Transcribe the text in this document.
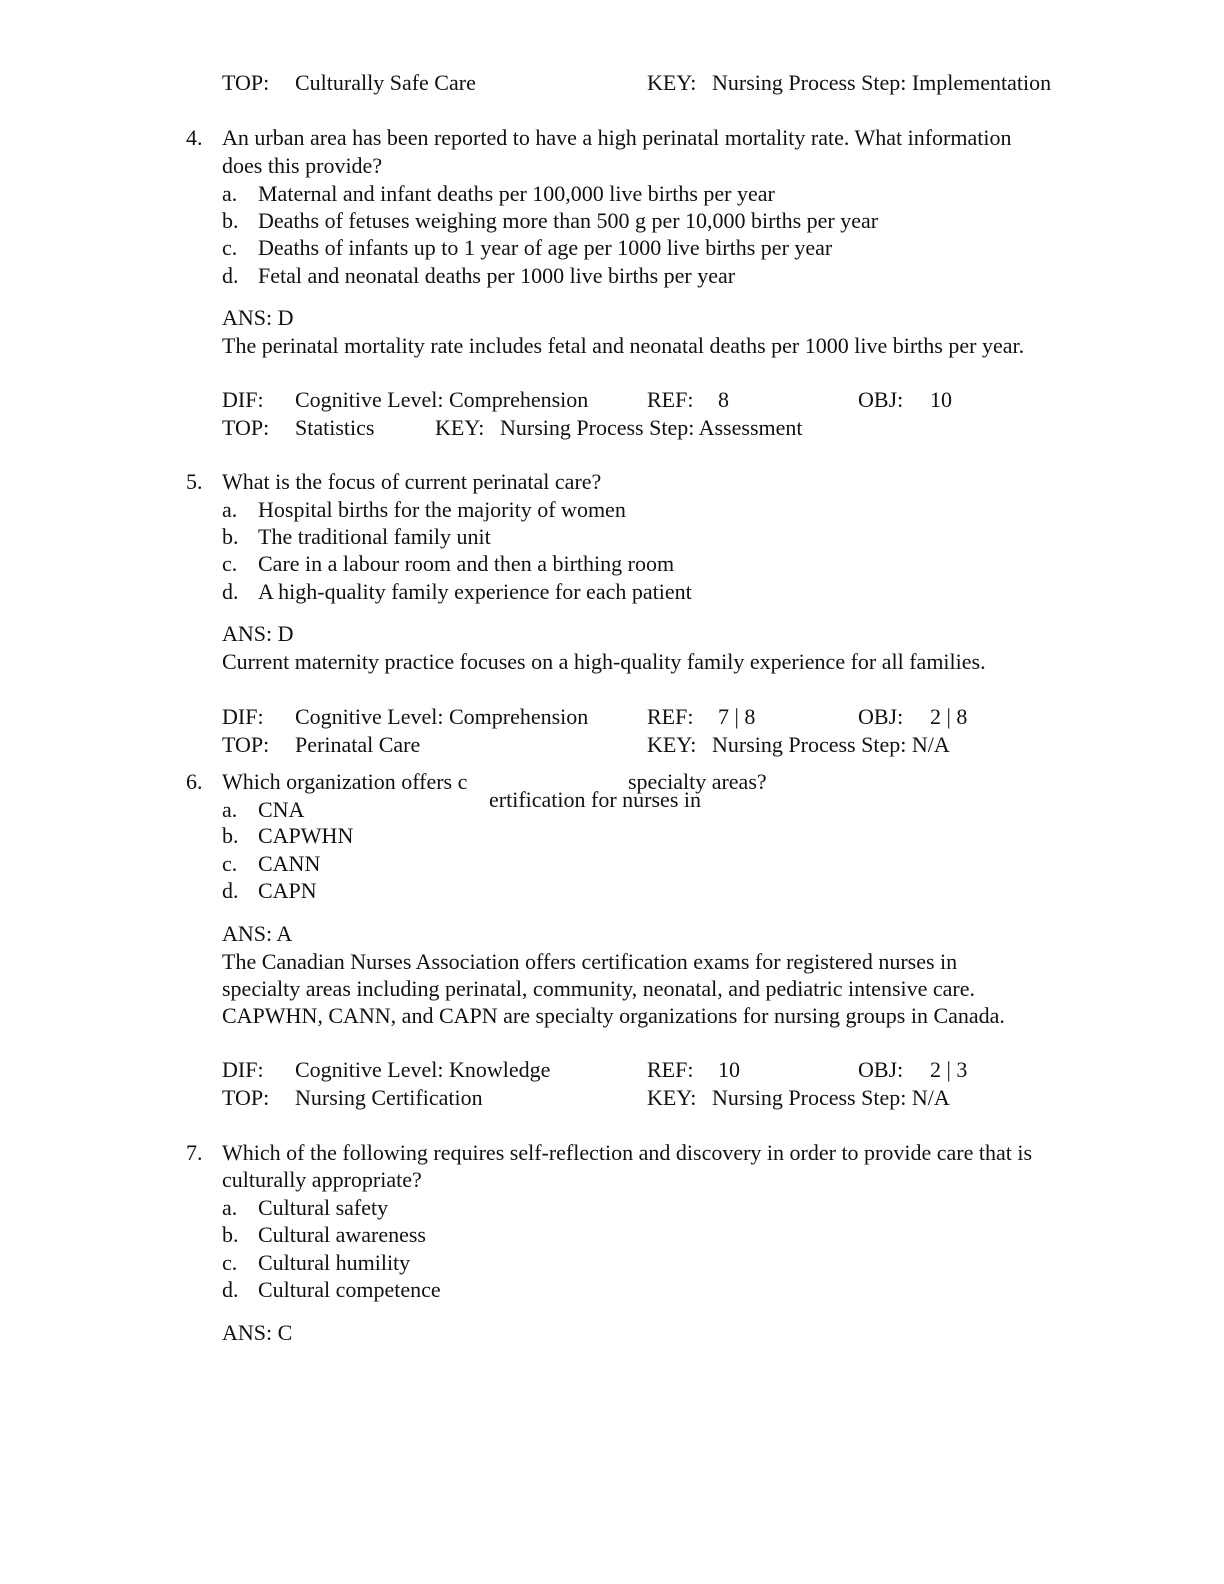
TOP: Culturally Safe Care	KEY: Nursing Process Step: Implementation
4. An urban area has been reported to have a high perinatal mortality rate. What information
does this provide?
a. Maternal and infant deaths per 100,000 live births per year
b. Deaths of fetuses weighing more than 500 g per 10,000 births per year
c. Deaths of infants up to 1 year of age per 1000 live births per year
d. Fetal and neonatal deaths per 1000 live births per year
ANS: D
The perinatal mortality rate includes fetal and neonatal deaths per 1000 live births per year.
DIF: Cognitive Level: Comprehension	REF: 8	OBJ: 10
TOP: Statistics	KEY: Nursing Process Step: Assessment
5. What is the focus of current perinatal care?
a. Hospital births for the majority of women
b. The traditional family unit
c. Care in a labour room and then a birthing room
d. A high-quality family experience for each patient
ANS: D
Current maternity practice focuses on a high-quality family experience for all families.
DIF: Cognitive Level: Comprehension	REF: 7 | 8	OBJ: 2 | 8
TOP: Perinatal Care	KEY: Nursing Process Step: N/A
6. Which organization offers c	specialty areas?
ertification for nurses in
a. CNA
b. CAPWHN
c. CANN
d. CAPN
ANS: A
The Canadian Nurses Association offers certification exams for registered nurses in
specialty areas including perinatal, community, neonatal, and pediatric intensive care.
CAPWHN, CANN, and CAPN are specialty organizations for nursing groups in Canada.
DIF: Cognitive Level: Knowledge	REF: 10	OBJ: 2 | 3
TOP: Nursing Certification	KEY: Nursing Process Step: N/A
7. Which of the following requires self-reflection and discovery in order to provide care that is
culturally appropriate?
a. Cultural safety
b. Cultural awareness
c. Cultural humility
d. Cultural competence
ANS: C
